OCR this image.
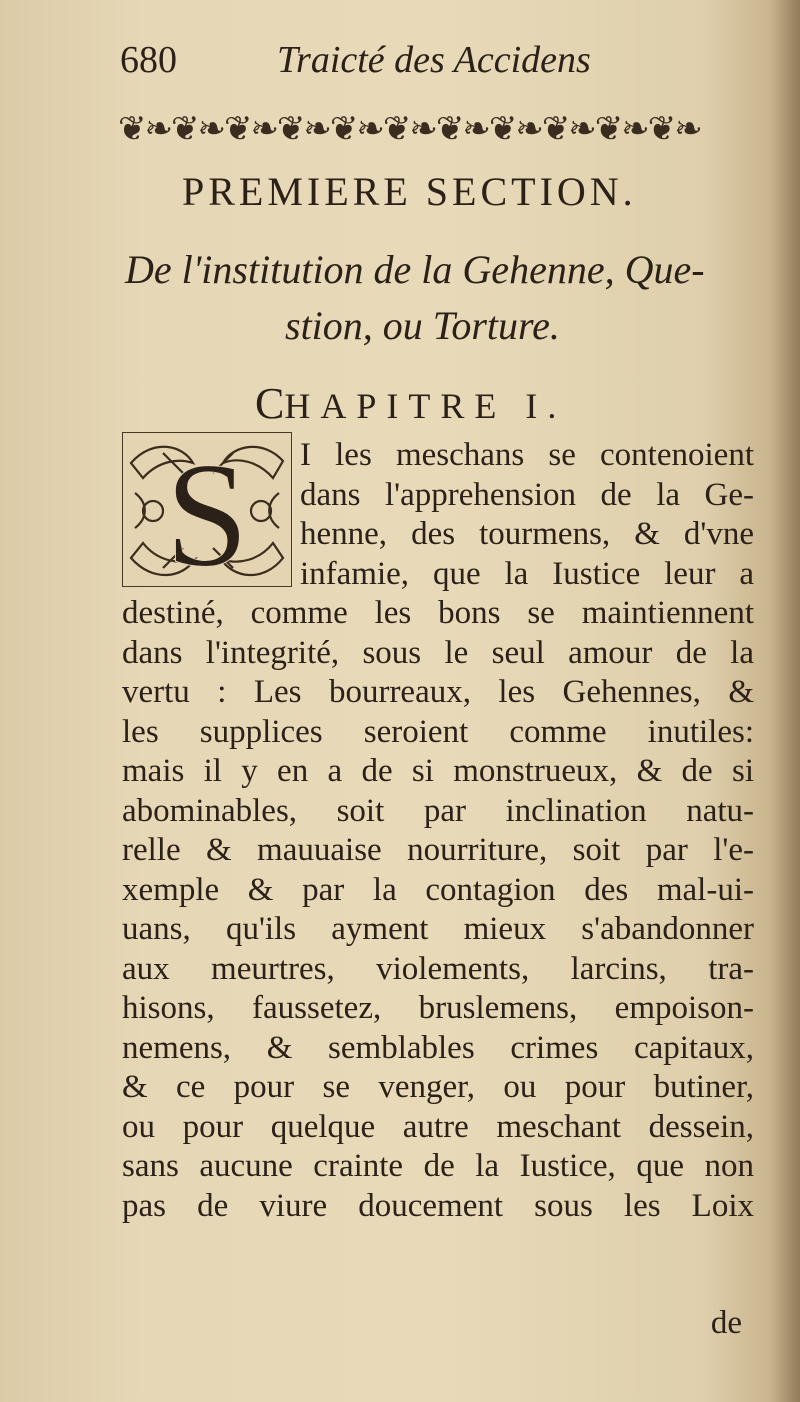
680	Traicté des Accidens
❦❧❦❧❦❧❦❧❦❧❦❧❦❧❦❧❦❧❦❧❦❧
PREMIERE SECTION.
De l'institution de la Gehenne, Que-
stion, ou Torture.
CHAPITRE I.
S	I les meschans se contenoient
dans l'apprehension de la Ge-
henne, des tourmens, & d'vne
infamie, que la Iustice leur a
destiné, comme les bons se maintiennent
dans l'integrité, sous le seul amour de la
vertu : Les bourreaux, les Gehennes, &
les supplices seroient comme inutiles:
mais il y en a de si monstrueux, & de si
abominables, soit par inclination natu-
relle & mauuaise nourriture, soit par l'e-
xemple & par la contagion des mal-ui-
uans, qu'ils ayment mieux s'abandonner
aux meurtres, violements, larcins, tra-
hisons, faussetez, bruslemens, empoison-
nemens, & semblables crimes capitaux,
& ce pour se venger, ou pour butiner,
ou pour quelque autre meschant dessein,
sans aucune crainte de la Iustice, que non
pas de viure doucement sous les Loix
de
